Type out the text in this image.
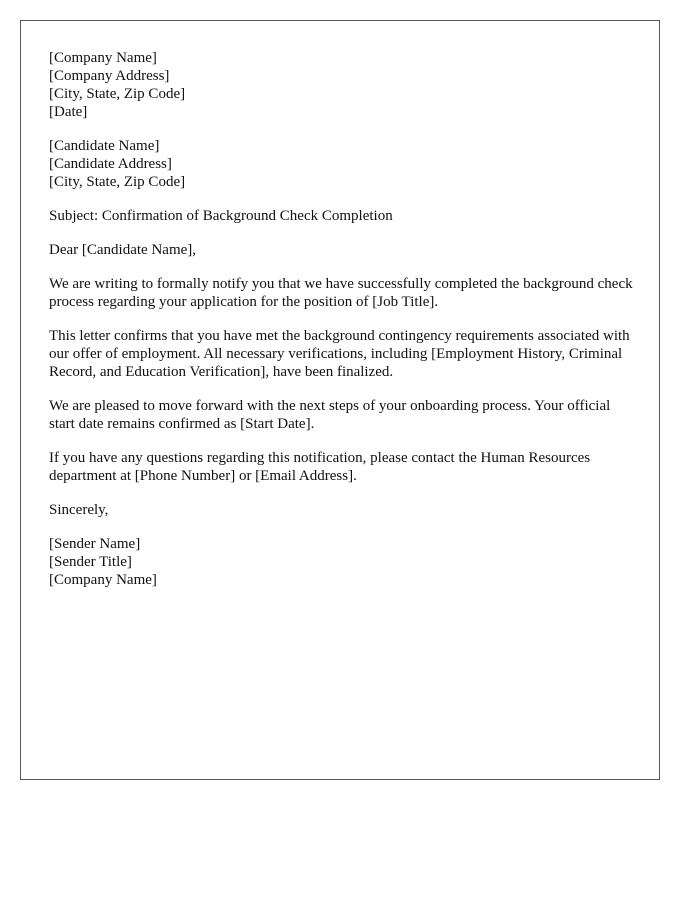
[Company Name]
[Company Address]
[City, State, Zip Code]
[Date]
[Candidate Name]
[Candidate Address]
[City, State, Zip Code]

Subject: Confirmation of Background Check Completion

Dear [Candidate Name],

We are writing to formally notify you that we have successfully completed the background check process regarding your application for the position of [Job Title].

This letter confirms that you have met the background contingency requirements associated with our offer of employment. All necessary verifications, including [Employment History, Criminal Record, and Education Verification], have been finalized.

We are pleased to move forward with the next steps of your onboarding process. Your official start date remains confirmed as [Start Date].

If you have any questions regarding this notification, please contact the Human Resources department at [Phone Number] or [Email Address].

Sincerely,

[Sender Name]
[Sender Title]
[Company Name]
